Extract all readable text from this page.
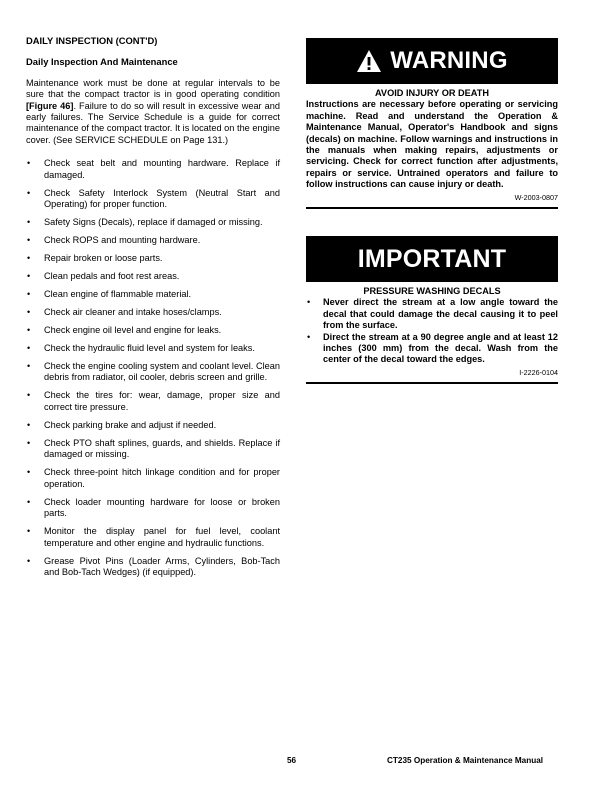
DAILY INSPECTION (CONT'D)
Daily Inspection And Maintenance

Maintenance work must be done at regular intervals to be sure that the compact tractor is in good operating condition [Figure 46]. Failure to do so will result in excessive wear and early failures. The Service Schedule is a guide for correct maintenance of the compact tractor. It is located on the engine cover. (See SERVICE SCHEDULE on Page 131.)

• Check seat belt and mounting hardware. Replace if damaged.
• Check Safety Interlock System (Neutral Start and Operating) for proper function.
• Safety Signs (Decals), replace if damaged or missing.
• Check ROPS and mounting hardware.
• Repair broken or loose parts.
• Clean pedals and foot rest areas.
• Clean engine of flammable material.
• Check air cleaner and intake hoses/clamps.
• Check engine oil level and engine for leaks.
• Check the hydraulic fluid level and system for leaks.
• Check the engine cooling system and coolant level. Clean debris from radiator, oil cooler, debris screen and grille.
• Check the tires for: wear, damage, proper size and correct tire pressure.
• Check parking brake and adjust if needed.
• Check PTO shaft splines, guards, and shields. Replace if damaged or missing.
• Check three-point hitch linkage condition and for proper operation.
• Check loader mounting hardware for loose or broken parts.
• Monitor the display panel for fuel level, coolant temperature and other engine and hydraulic functions.
• Grease Pivot Pins (Loader Arms, Cylinders, Bob-Tach and Bob-Tach Wedges) (if equipped).
WARNING
AVOID INJURY OR DEATH
Instructions are necessary before operating or servicing machine. Read and understand the Operation & Maintenance Manual, Operator's Handbook and signs (decals) on machine. Follow warnings and instructions in the manuals when making repairs, adjustments or servicing. Check for correct function after adjustments, repairs or service. Untrained operators and failure to follow instructions can cause injury or death.
W-2003-0807
IMPORTANT
PRESSURE WASHING DECALS
• Never direct the stream at a low angle toward the decal that could damage the decal causing it to peel from the surface.
• Direct the stream at a 90 degree angle and at least 12 inches (300 mm) from the decal. Wash from the center of the decal toward the edges.
I-2226-0104
56	CT235 Operation & Maintenance Manual
